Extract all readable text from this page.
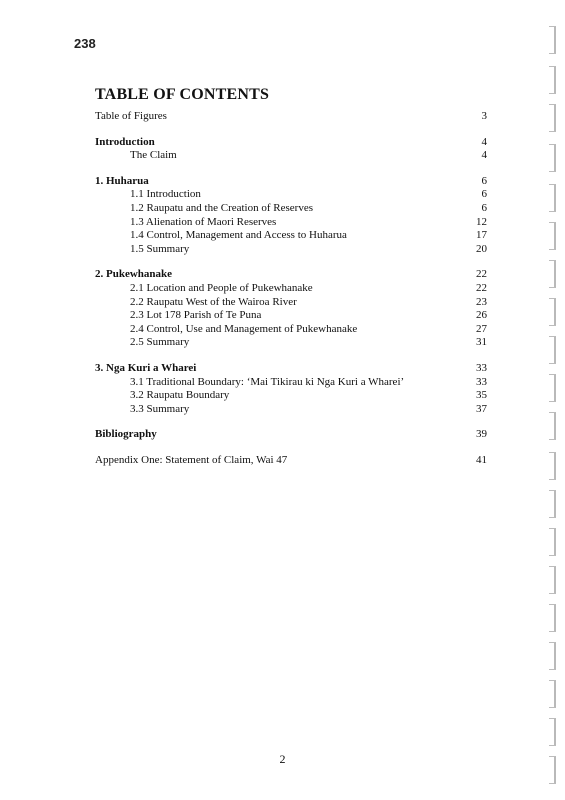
238
TABLE OF CONTENTS
Table of Figures	3
Introduction	4
The Claim	4
1. Huharua	6
1.1 Introduction	6
1.2 Raupatu and the Creation of Reserves	6
1.3 Alienation of Maori Reserves	12
1.4 Control, Management and Access to Huharua	17
1.5 Summary	20
2. Pukewhanake	22
2.1 Location and People of Pukewhanake	22
2.2 Raupatu West of the Wairoa River	23
2.3 Lot 178 Parish of Te Puna	26
2.4 Control, Use and Management of Pukewhanake	27
2.5 Summary	31
3. Nga Kuri a Wharei	33
3.1 Traditional Boundary: ‘Mai Tikirau ki Nga Kuri a Wharei’	33
3.2 Raupatu Boundary	35
3.3 Summary	37
Bibliography	39
Appendix One: Statement of Claim, Wai 47	41
2
